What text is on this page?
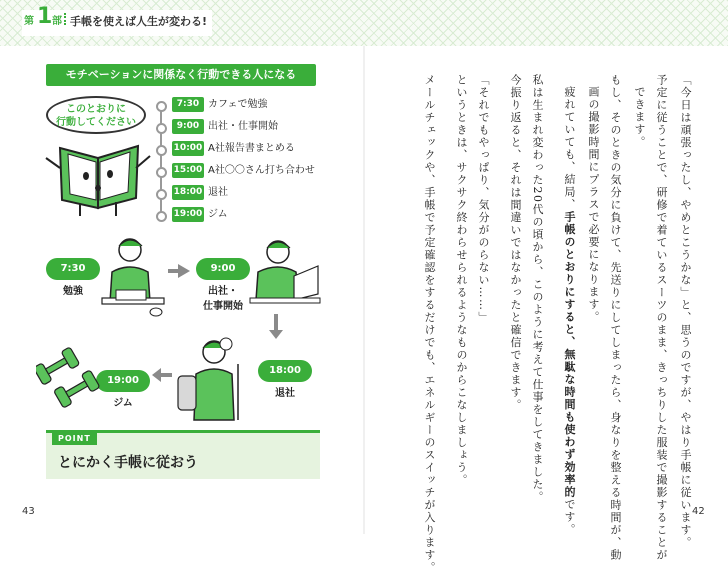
第 1 部 手帳を使えば人生が変わる!
モチベーションに関係なく行動できる人になる
このとおりに
行動してください
7:30 カフェで勉強
9:00 出社・仕事開始
10:00 A社報告書まとめる
15:00 A社〇〇さん打ち合わせ
18:00 退社
19:00 ジム
7:30
勉強
9:00
出社・
仕事開始
18:00
退社
19:00
ジム
POINT
とにかく手帳に従おう
43	「今日は頑張ったし、やめとこうかな」と、思うのですが、やはり手帳に従います。
予定に従うことで、研修で着ているスーツのまま、きっちりした服装で撮影することが
できます。
もし、そのときの気分に負けて、先送りにしてしまったら、身なりを整える時間が、動
画の撮影時間にプラスで必要になります。
疲れていても、結局、手帳のとおりにすると、無駄な時間も使わず効率的です。
私は生まれ変わった20代の頃から、このように考えて仕事をしてきました。
今振り返ると、それは間違いではなかったと確信できます。
「それでもやっぱり、気分がのらない……」
というときは、サクサク終わらせられるようなものからこなしましょう。
メールチェックや、手帳で予定確認をするだけでも、エネルギーのスイッチが入ります。	42
